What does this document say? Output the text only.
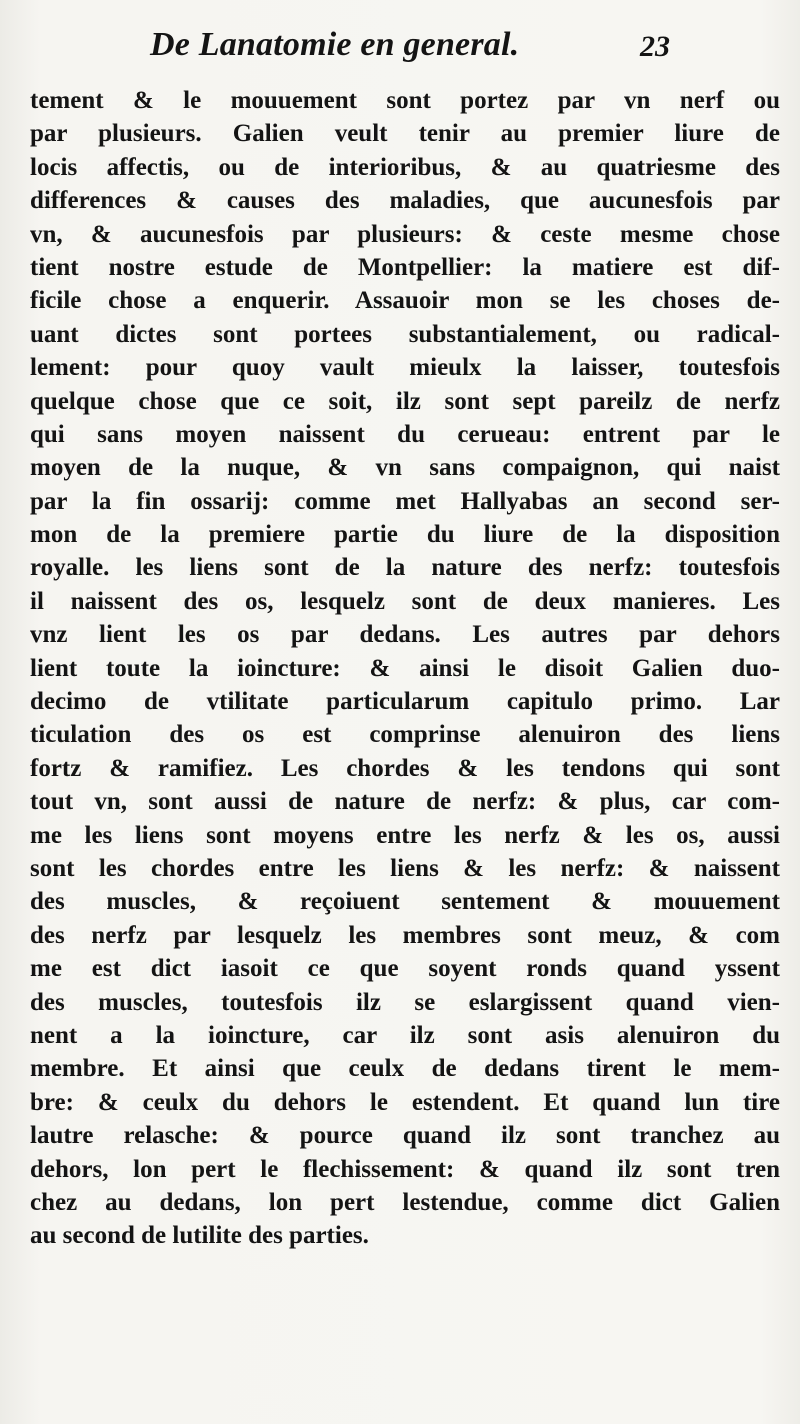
De Lanatomie en general.	23
tement & le mouuement sont portez par vn nerf ou
par plusieurs. Galien veult tenir au premier liure de
locis affectis, ou de interioribus, & au quatriesme des
differences & causes des maladies, que aucunesfois par
vn, & aucunesfois par plusieurs: & ceste mesme chose
tient nostre estude de Montpellier: la matiere est dif-
ficile chose a enquerir. Assauoir mon se les choses de-
uant dictes sont portees substantialement, ou radical-
lement: pour quoy vault mieulx la laisser, toutesfois
quelque chose que ce soit, ilz sont sept pareilz de nerfz
qui sans moyen naissent du cerueau: entrent par le
moyen de la nuque, & vn sans compaignon, qui naist
par la fin ossarij: comme met Hallyabas an second ser-
mon de la premiere partie du liure de la disposition
royalle. les liens sont de la nature des nerfz: toutesfois
il naissent des os, lesquelz sont de deux manieres. Les
vnz lient les os par dedans. Les autres par dehors
lient toute la ioincture: & ainsi le disoit Galien duo-
decimo de vtilitate particularum capitulo primo. Lar
ticulation des os est comprinse alenuiron des liens
fortz & ramifiez. Les chordes & les tendons qui sont
tout vn, sont aussi de nature de nerfz: & plus, car com-
me les liens sont moyens entre les nerfz & les os, aussi
sont les chordes entre les liens & les nerfz: & naissent
des muscles, & reçoiuent sentement & mouuement
des nerfz par lesquelz les membres sont meuz, & com
me est dict iasoit ce que soyent ronds quand yssent
des muscles, toutesfois ilz se eslargissent quand vien-
nent a la ioincture, car ilz sont asis alenuiron du
membre. Et ainsi que ceulx de dedans tirent le mem-
bre: & ceulx du dehors le estendent. Et quand lun tire
lautre relasche: & pource quand ilz sont tranchez au
dehors, lon pert le flechissement: & quand ilz sont tren
chez au dedans, lon pert lestendue, comme dict Galien
au second de lutilite des parties.
